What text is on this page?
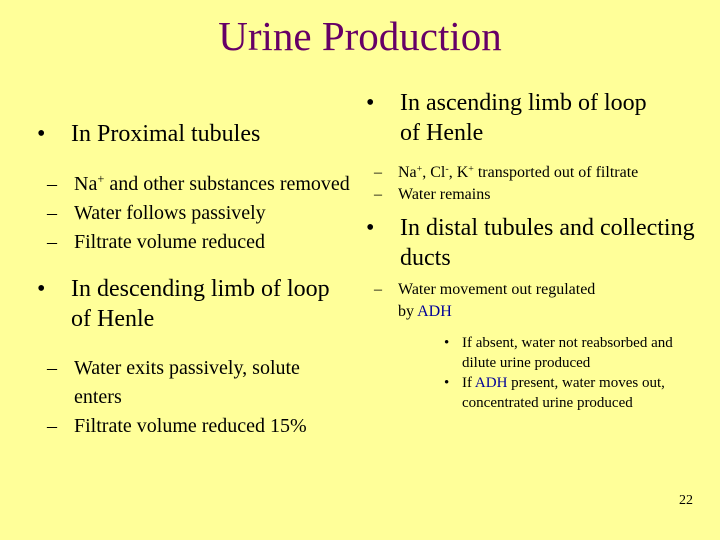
Urine Production
• In Proximal tubules
– Na+ and other substances removed
– Water follows passively
– Filtrate volume reduced
• In descending limb of loop of Henle
– Water exits passively, solute enters
– Filtrate volume reduced 15%
• In ascending limb of loop of Henle
– Na+, Cl-, K+ transported out of filtrate
– Water remains
• In distal tubules and collecting ducts
– Water movement out regulated by ADH
• If absent, water not reabsorbed and dilute urine produced
• If ADH present, water moves out, concentrated urine produced
22
